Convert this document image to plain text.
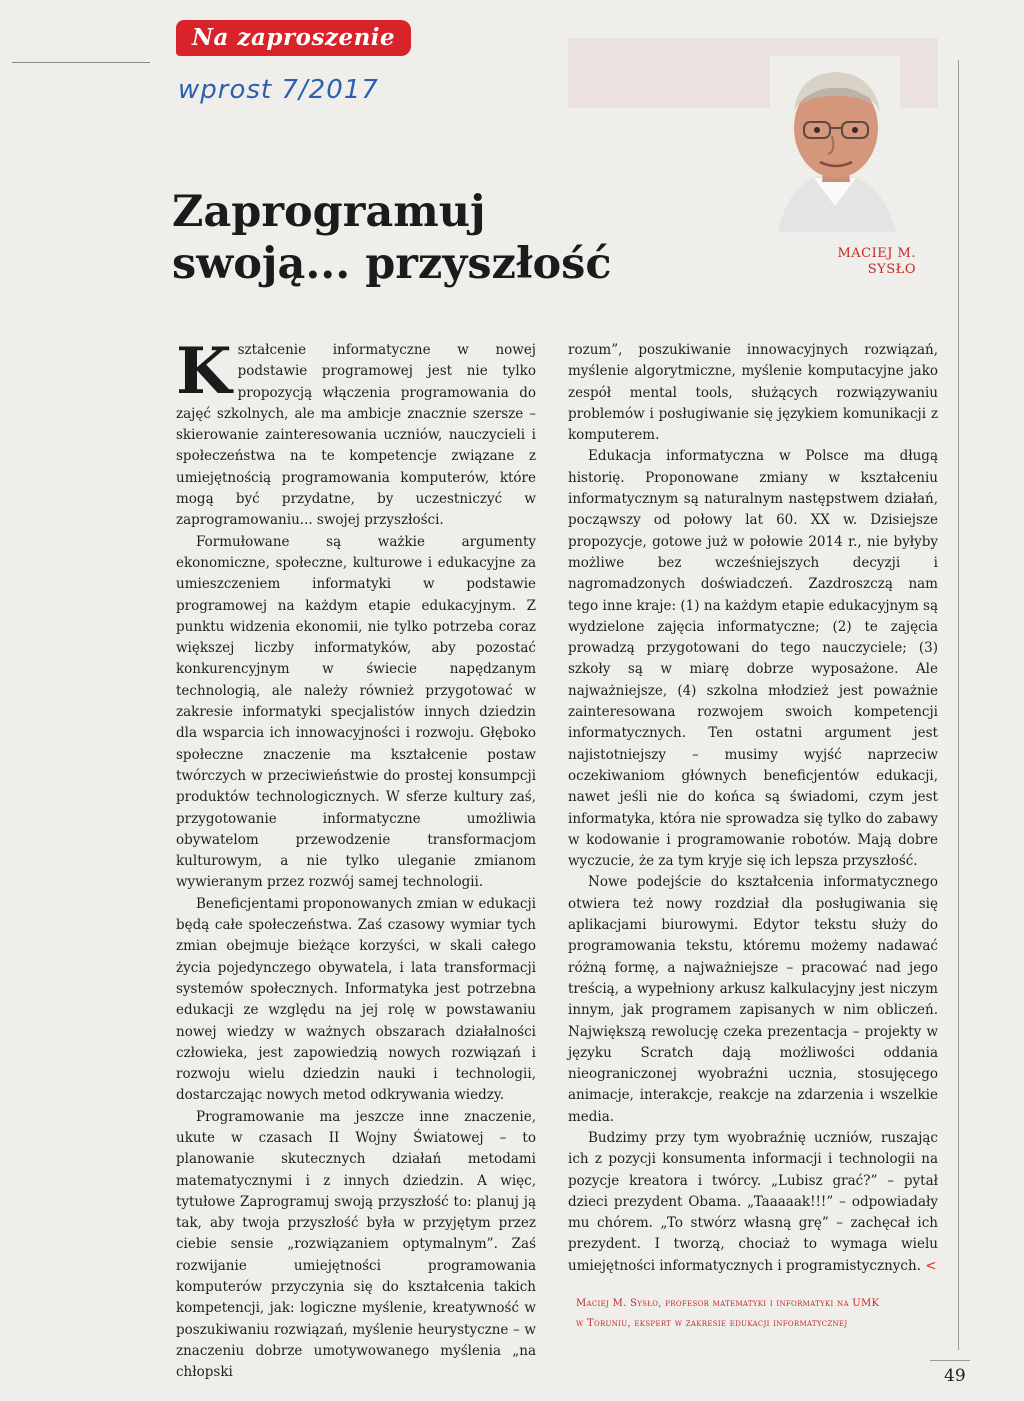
Na zaproszenie
wprost 7/2017
Zaprogramuj
swoją... przyszłość	MACIEJ M.
SYSŁO

Kształcenie informatyczne w nowej podstawie programowej jest nie tylko propozycją włączenia programowania do zajęć szkolnych, ale ma ambicje znacznie szersze – skierowanie zainteresowania uczniów, nauczycieli i społeczeństwa na te kompetencje związane z umiejętnością programowania komputerów, które mogą być przydatne, by uczestniczyć w zaprogramowaniu... swojej przyszłości.

Formułowane są ważkie argumenty ekonomiczne, społeczne, kulturowe i edukacyjne za umieszczeniem informatyki w podstawie programowej na każdym etapie edukacyjnym. Z punktu widzenia ekonomii, nie tylko potrzeba coraz większej liczby informatyków, aby pozostać konkurencyjnym w świecie napędzanym technologią, ale należy również przygotować w zakresie informatyki specjalistów innych dziedzin dla wsparcia ich innowacyjności i rozwoju. Głęboko społeczne znaczenie ma kształcenie postaw twórczych w przeciwieństwie do prostej konsumpcji produktów technologicznych. W sferze kultury zaś, przygotowanie informatyczne umożliwia obywatelom przewodzenie transformacjom kulturowym, a nie tylko uleganie zmianom wywieranym przez rozwój samej technologii.

Beneficjentami proponowanych zmian w edukacji będą całe społeczeństwa. Zaś czasowy wymiar tych zmian obejmuje bieżące korzyści, w skali całego życia pojedynczego obywatela, i lata transformacji systemów społecznych. Informatyka jest potrzebna edukacji ze względu na jej rolę w powstawaniu nowej wiedzy w ważnych obszarach działalności człowieka, jest zapowiedzią nowych rozwiązań i rozwoju wielu dziedzin nauki i technologii, dostarczając nowych metod odkrywania wiedzy.

Programowanie ma jeszcze inne znaczenie, ukute w czasach II Wojny Światowej – to planowanie skutecznych działań metodami matematycznymi i z innych dziedzin. A więc, tytułowe Zaprogramuj swoją przyszłość to: planuj ją tak, aby twoja przyszłość była w przyjętym przez ciebie sensie „rozwiązaniem optymalnym”. Zaś rozwijanie umiejętności programowania komputerów przyczynia się do kształcenia takich kompetencji, jak: logiczne myślenie, kreatywność w poszukiwaniu rozwiązań, myślenie heurystyczne – w znaczeniu dobrze umotywowanego myślenia „na chłopski

rozum”, poszukiwanie innowacyjnych rozwiązań, myślenie algorytmiczne, myślenie komputacyjne jako zespół mental tools, służących rozwiązywaniu problemów i posługiwanie się językiem komunikacji z komputerem.

Edukacja informatyczna w Polsce ma długą historię. Proponowane zmiany w kształceniu informatycznym są naturalnym następstwem działań, począwszy od połowy lat 60. XX w. Dzisiejsze propozycje, gotowe już w połowie 2014 r., nie byłyby możliwe bez wcześniejszych decyzji i nagromadzonych doświadczeń. Zazdroszczą nam tego inne kraje: (1) na każdym etapie edukacyjnym są wydzielone zajęcia informatyczne; (2) te zajęcia prowadzą przygotowani do tego nauczyciele; (3) szkoły są w miarę dobrze wyposażone. Ale najważniejsze, (4) szkolna młodzież jest poważnie zainteresowana rozwojem swoich kompetencji informatycznych. Ten ostatni argument jest najistotniejszy – musimy wyjść naprzeciw oczekiwaniom głównych beneficjentów edukacji, nawet jeśli nie do końca są świadomi, czym jest informatyka, która nie sprowadza się tylko do zabawy w kodowanie i programowanie robotów. Mają dobre wyczucie, że za tym kryje się ich lepsza przyszłość.

Nowe podejście do kształcenia informatycznego otwiera też nowy rozdział dla posługiwania się aplikacjami biurowymi. Edytor tekstu służy do programowania tekstu, któremu możemy nadawać różną formę, a najważniejsze – pracować nad jego treścią, a wypełniony arkusz kalkulacyjny jest niczym innym, jak programem zapisanych w nim obliczeń. Największą rewolucję czeka prezentacja – projekty w języku Scratch dają możliwości oddania nieograniczonej wyobraźni ucznia, stosujęcego animacje, interakcje, reakcje na zdarzenia i wszelkie media.

Budzimy przy tym wyobraźnię uczniów, ruszając ich z pozycji konsumenta informacji i technologii na pozycje kreatora i twórcy. „Lubisz grać?” – pytał dzieci prezydent Obama. „Taaaaak!!!” – odpowiadały mu chórem. „To stwórz własną grę” – zachęcał ich prezydent. I tworzą, chociaż to wymaga wielu umiejętności informatycznych i programistycznych. <

Maciej M. Sysło, profesor matematyki i informatyki na UMK
w Toruniu, ekspert w zakresie edukacji informatycznej
49
